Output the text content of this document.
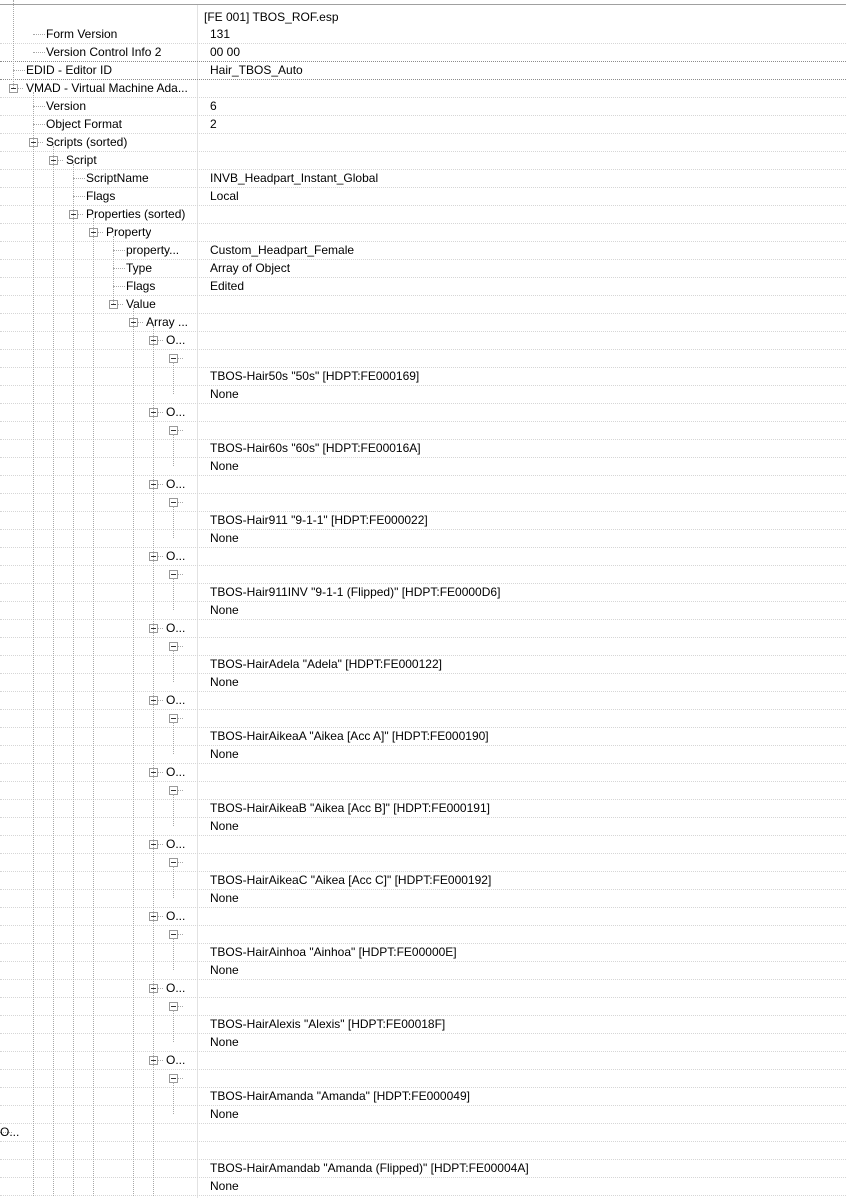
[FE 001] TBOS_ROF.esp
Form Version	131
Version Control Info 2	00 00
EDID - Editor ID	Hair_TBOS_Auto
VMAD - Virtual Machine Ada...
Version	6
Object Format	2
Scripts (sorted)
Script
ScriptName	INVB_Headpart_Instant_Global
Flags	Local
Properties (sorted)
Property
property...	Custom_Headpart_Female
Type	Array of Object
Flags	Edited
Value
Array ...
O...
TBOS-Hair50s "50s" [HDPT:FE000169]
None
O...
TBOS-Hair60s "60s" [HDPT:FE00016A]
None
O...
TBOS-Hair911 "9-1-1" [HDPT:FE000022]
None
O...
TBOS-Hair911INV "9-1-1 (Flipped)" [HDPT:FE0000D6]
None
O...
TBOS-HairAdela "Adela" [HDPT:FE000122]
None
O...
TBOS-HairAikeaA "Aikea [Acc A]" [HDPT:FE000190]
None
O...
TBOS-HairAikeaB "Aikea [Acc B]" [HDPT:FE000191]
None
O...
TBOS-HairAikeaC "Aikea [Acc C]" [HDPT:FE000192]
None
O...
TBOS-HairAinhoa "Ainhoa" [HDPT:FE00000E]
None
O...
TBOS-HairAlexis "Alexis" [HDPT:FE00018F]
None
O...
TBOS-HairAmanda "Amanda" [HDPT:FE000049]
None
O...
TBOS-HairAmandab "Amanda (Flipped)" [HDPT:FE00004A]
None
